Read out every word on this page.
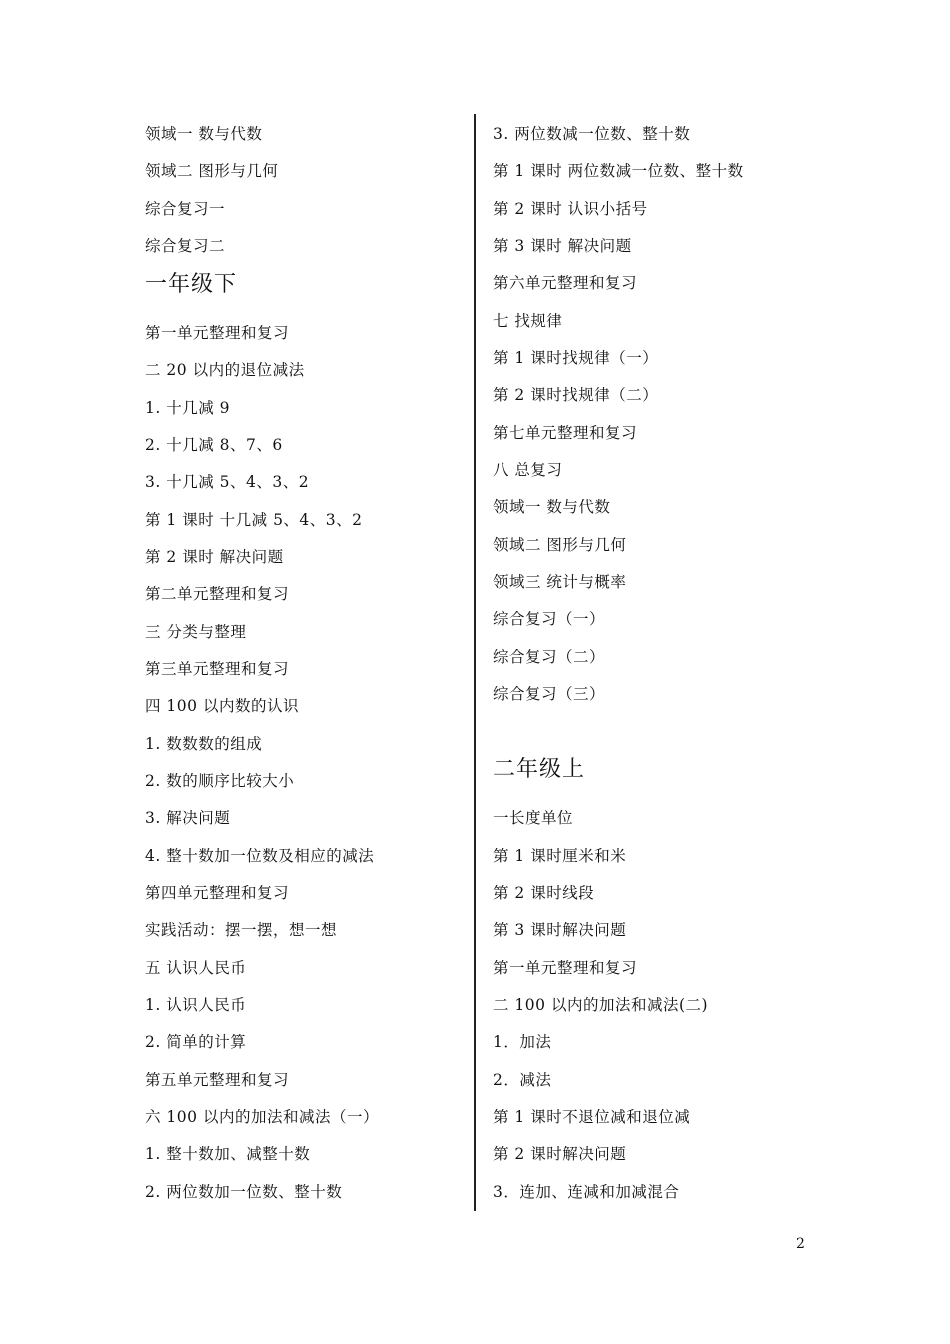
领域一 数与代数
领域二 图形与几何
综合复习一
综合复习二
一年级下
第一单元整理和复习
二 20 以内的退位减法
1. 十几减 9
2. 十几减 8、7、6
3. 十几减 5、4、3、2
第 1 课时 十几减 5、4、3、2
第 2 课时 解决问题
第二单元整理和复习
三 分类与整理
第三单元整理和复习
四 100 以内数的认识
1. 数数数的组成
2. 数的顺序比较大小
3. 解决问题
4. 整十数加一位数及相应的减法
第四单元整理和复习
实践活动：摆一摆，想一想
五 认识人民币
1. 认识人民币
2. 简单的计算
第五单元整理和复习
六 100 以内的加法和减法（一）
1. 整十数加、减整十数
2. 两位数加一位数、整十数
3. 两位数减一位数、整十数
第 1 课时 两位数减一位数、整十数
第 2 课时 认识小括号
第 3 课时 解决问题
第六单元整理和复习
七 找规律
第 1 课时找规律（一）
第 2 课时找规律（二）
第七单元整理和复习
八 总复习
领域一 数与代数
领域二 图形与几何
领域三 统计与概率
综合复习（一）
综合复习（二）
综合复习（三）
二年级上
一长度单位
第 1 课时厘米和米
第 2 课时线段
第 3 课时解决问题
第一单元整理和复习
二 100 以内的加法和减法(二)
1．加法
2．减法
第 1 课时不退位减和退位减
第 2 课时解决问题
3．连加、连减和加减混合
2
